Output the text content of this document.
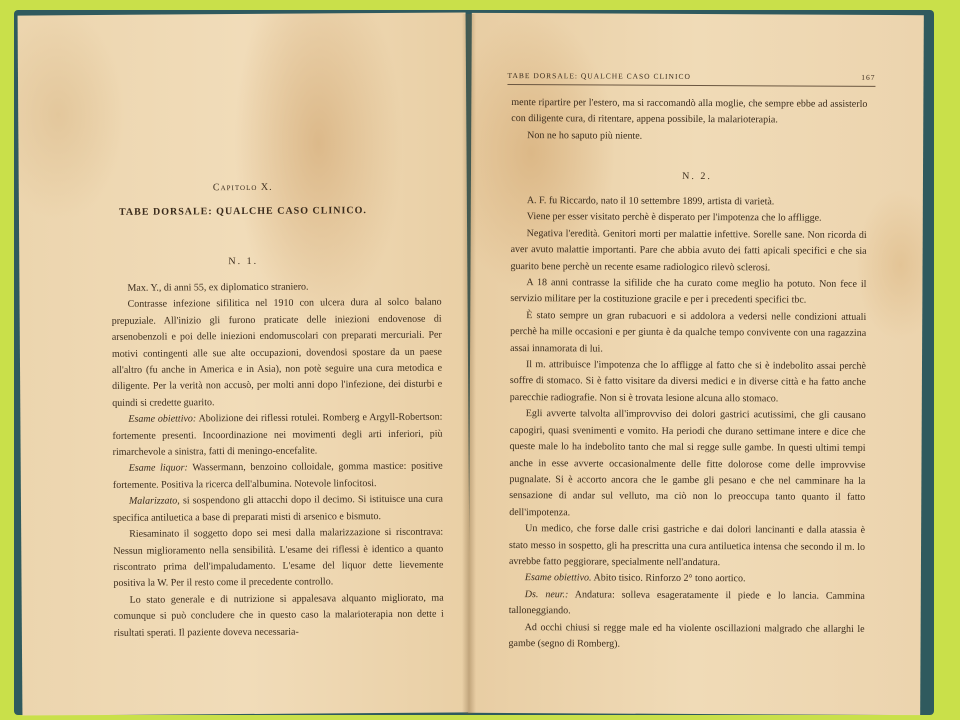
Capitolo X.
TABE DORSALE: QUALCHE CASO CLINICO.
N. 1.

Max. Y., di anni 55, ex diplomatico straniero.

Contrasse infezione sifilitica nel 1910 con ulcera dura al solco balano prepuziale. All'inizio gli furono praticate delle iniezioni endovenose di arsenobenzoli e poi delle iniezioni endomuscolari con preparati mercuriali. Per motivi contingenti alle sue alte occupazioni, dovendosi spostare da un paese all'altro (fu anche in America e in Asia), non potè seguire una cura metodica e diligente. Per la verità non accusò, per molti anni dopo l'infezione, dei disturbi e quindi si credette guarito.

Esame obiettivo: Abolizione dei riflessi rotulei. Romberg e Argyll-Robertson: fortemente presenti. Incoordinazione nei movimenti degli arti inferiori, più rimarchevole a sinistra, fatti di meningo-encefalite.

Esame liquor: Wassermann, benzoino colloidale, gomma mastice: positive fortemente. Positiva la ricerca dell'albumina. Notevole linfocitosi.

Malarizzato, si sospendono gli attacchi dopo il decimo. Si istituisce una cura specifica antiluetica a base di preparati misti di arsenico e bismuto.

Riesaminato il soggetto dopo sei mesi dalla malarizzazione si riscontrava: Nessun miglioramento nella sensibilità. L'esame dei riflessi è identico a quanto riscontrato prima dell'impaludamento. L'esame del liquor dette lievemente positiva la W. Per il resto come il precedente controllo.

Lo stato generale e di nutrizione si appalesava alquanto migliorato, ma comunque si può concludere che in questo caso la malarioterapia non dette i risultati sperati. Il paziente doveva necessaria-

TABE DORSALE: QUALCHE CASO CLINICO	167

mente ripartire per l'estero, ma si raccomandò alla moglie, che sempre ebbe ad assisterlo con diligente cura, di ritentare, appena possibile, la malarioterapia.

Non ne ho saputo più niente.

N. 2.

A. F. fu Riccardo, nato il 10 settembre 1899, artista di varietà.

Viene per esser visitato perchè è disperato per l'impotenza che lo affligge.

Negativa l'eredità. Genitori morti per malattie infettive. Sorelle sane. Non ricorda di aver avuto malattie importanti. Pare che abbia avuto dei fatti apicali specifici e che sia guarito bene perchè un recente esame radiologico rilevò sclerosi.

A 18 anni contrasse la sifilide che ha curato come meglio ha potuto. Non fece il servizio militare per la costituzione gracile e per i precedenti specifici tbc.

È stato sempre un gran rubacuori e si addolora a vedersi nelle condizioni attuali perchè ha mille occasioni e per giunta è da qualche tempo convivente con una ragazzina assai innamorata di lui.

Il m. attribuisce l'impotenza che lo affligge al fatto che si è indebolito assai perchè soffre di stomaco. Si è fatto visitare da diversi medici e in diverse città e ha fatto anche parecchie radiografie. Non si è trovata lesione alcuna allo stomaco.

Egli avverte talvolta all'improvviso dei dolori gastrici acutissimi, che gli causano capogiri, quasi svenimenti e vomito. Ha periodi che durano settimane intere e dice che queste male lo ha indebolito tanto che mal si regge sulle gambe. In questi ultimi tempi anche in esse avverte occasionalmente delle fitte dolorose come delle improvvise pugnalate. Si è accorto ancora che le gambe gli pesano e che nel camminare ha la sensazione di andar sul velluto, ma ciò non lo preoccupa tanto quanto il fatto dell'impotenza.

Un medico, che forse dalle crisi gastriche e dai dolori lancinanti e dalla atassia è stato messo in sospetto, gli ha prescritta una cura antiluetica intensa che secondo il m. lo avrebbe fatto peggiorare, specialmente nell'andatura.

Esame obiettivo. Abito tisico. Rinforzo 2° tono aortico.

Ds. neur.: Andatura: solleva esageratamente il piede e lo lancia. Cammina talloneggiando.

Ad occhi chiusi si regge male ed ha violente oscillazioni malgrado che allarghi le gambe (segno di Romberg).
